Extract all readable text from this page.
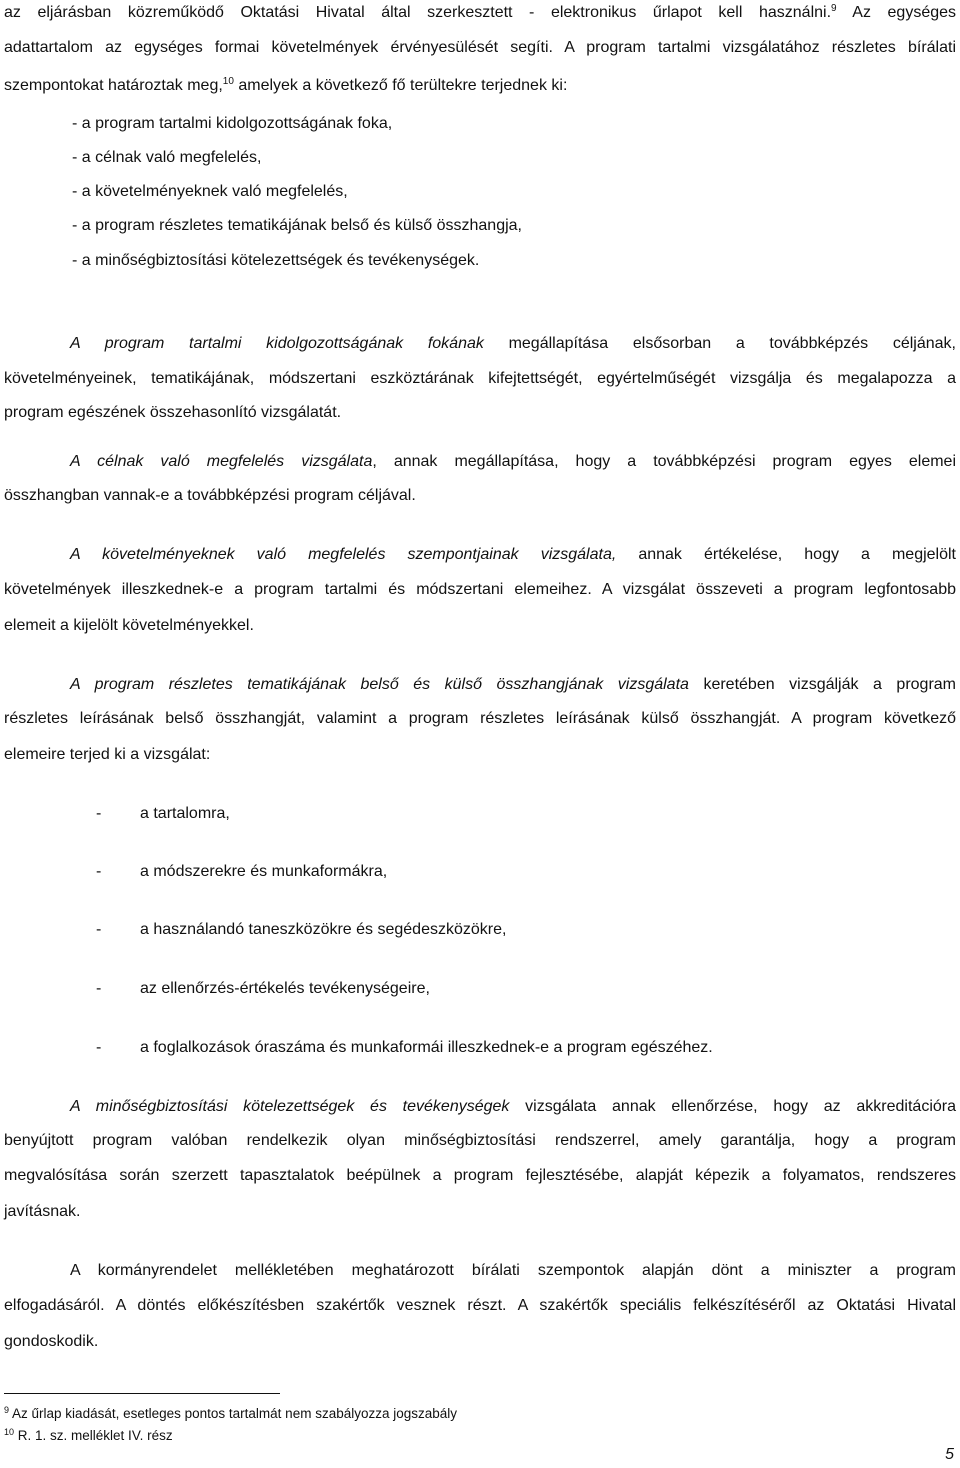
az eljárásban közreműködő Oktatási Hivatal által szerkesztett - elektronikus űrlapot kell használni.$^9$ Az egységes
adattartalom az egységes formai követelmények érvényesülését segíti. A program tartalmi vizsgálatához részletes bírálati
szempontokat határoztak meg,$^{10}$ amelyek a következő fő terültekre terjednek ki:
- a program tartalmi kidolgozottságának foka,
- a célnak való megfelelés,
- a követelményeknek való megfelelés,
- a program részletes tematikájának belső és külső összhangja,
- a minőségbiztosítási kötelezettségek és tevékenységek.
A program tartalmi kidolgozottságának fokának megállapítása elsősorban a továbbképzés céljának,
követelményeinek, tematikájának, módszertani eszköztárának kifejtettségét, egyértelműségét vizsgálja és megalapozza a
program egészének összehasonlító vizsgálatát.
A célnak való megfelelés vizsgálata, annak megállapítása, hogy a továbbképzési program egyes elemei
összhangban vannak-e a továbbképzési program céljával.
A követelményeknek való megfelelés szempontjainak vizsgálata, annak értékelése, hogy a megjelölt
követelmények illeszkednek-e a program tartalmi és módszertani elemeihez. A vizsgálat összeveti a program legfontosabb
elemeit a kijelölt követelményekkel.
A program részletes tematikájának belső és külső összhangjának vizsgálata keretében vizsgálják a program
részletes leírásának belső összhangját, valamint a program részletes leírásának külső összhangját. A program következő
elemeire terjed ki a vizsgálat:
- a tartalomra,
- a módszerekre és munkaformákra,
- a használandó taneszközökre és segédeszközökre,
- az ellenőrzés-értékelés tevékenységeire,
- a foglalkozások óraszáma és munkaformái illeszkednek-e a program egészéhez.
A minőségbiztosítási kötelezettségek és tevékenységek vizsgálata annak ellenőrzése, hogy az akkreditációra
benyújtott program valóban rendelkezik olyan minőségbiztosítási rendszerrel, amely garantálja, hogy a program
megvalósítása során szerzett tapasztalatok beépülnek a program fejlesztésébe, alapját képezik a folyamatos, rendszeres
javításnak.
A kormányrendelet mellékletében meghatározott bírálati szempontok alapján dönt a miniszter a program
elfogadásáról. A döntés előkészítésben szakértők vesznek részt. A szakértők speciális felkészítéséről az Oktatási Hivatal
gondoskodik.
$^9$ Az űrlap kiadását, esetleges pontos tartalmát nem szabályozza jogszabály
$^{10}$ R. 1. sz. melléklet IV. rész
5
